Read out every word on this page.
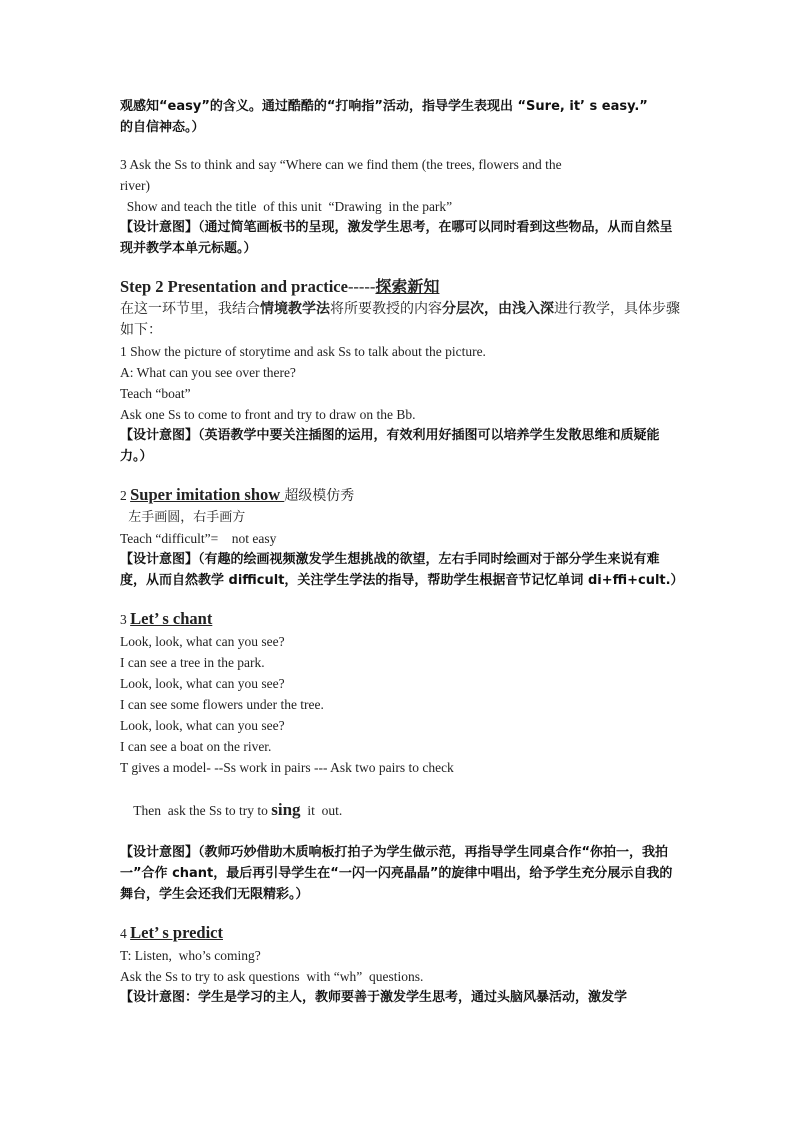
观感知“easy”的含义。通过酷酷的“打响指”活动，指导学生表现出 “Sure, it’ s easy.”
的自信神态。）
3 Ask the Ss to think and say “Where can we find them (the trees, flowers and the
river)
Show and teach the title  of this unit  “Drawing  in the park”
【设计意图】（通过简笔画板书的呈现，激发学生思考，在哪可以同时看到这些物品，从而自然呈现并教学本单元标题。）
Step 2 Presentation and practice-----探索新知
在这一环节里，我结合情境教学法将所要教授的内容分层次，由浅入深进行教学，具体步骤如下：
1 Show the picture of storytime and ask Ss to talk about the picture.
A: What can you see over there?
Teach “boat”
Ask one Ss to come to front and try to draw on the Bb.
【设计意图】（英语教学中要关注插图的运用，有效利用好插图可以培养学生发散思维和质疑能力。）
2 Super imitation show 超级模仿秀
左手画圆，右手画方
Teach “difficult”=    not easy
【设计意图】（有趣的绘画视频激发学生想挑战的欲望，左右手同时绘画对于部分学生来说有难度，从而自然教学 difficult，关注学生学法的指导，帮助学生根据音节记忆单词 di+ffi+cult.）
3 Let’ s chant
Look, look, what can you see?
I can see a tree in the park.
Look, look, what can you see?
I can see some flowers under the tree.
Look, look, what can you see?
I can see a boat on the river.
T gives a model- --Ss work in pairs --- Ask two pairs to check

Then  ask the Ss to try to sing  it  out.

【设计意图】（教师巧妙借助木质响板打拍子为学生做示范，再指导学生同桌合作“你拍一，我拍一”合作 chant，最后再引导学生在“一闪一闪亮晶晶”的旋律中唱出，给予学生充分展示自我的舞台，学生会还我们无限精彩。）
4 Let’ s predict
T: Listen,  who’s coming?
Ask the Ss to try to ask questions  with “wh”  questions.
【设计意图：学生是学习的主人，教师要善于激发学生思考，通过头脑风暴活动，激发学
